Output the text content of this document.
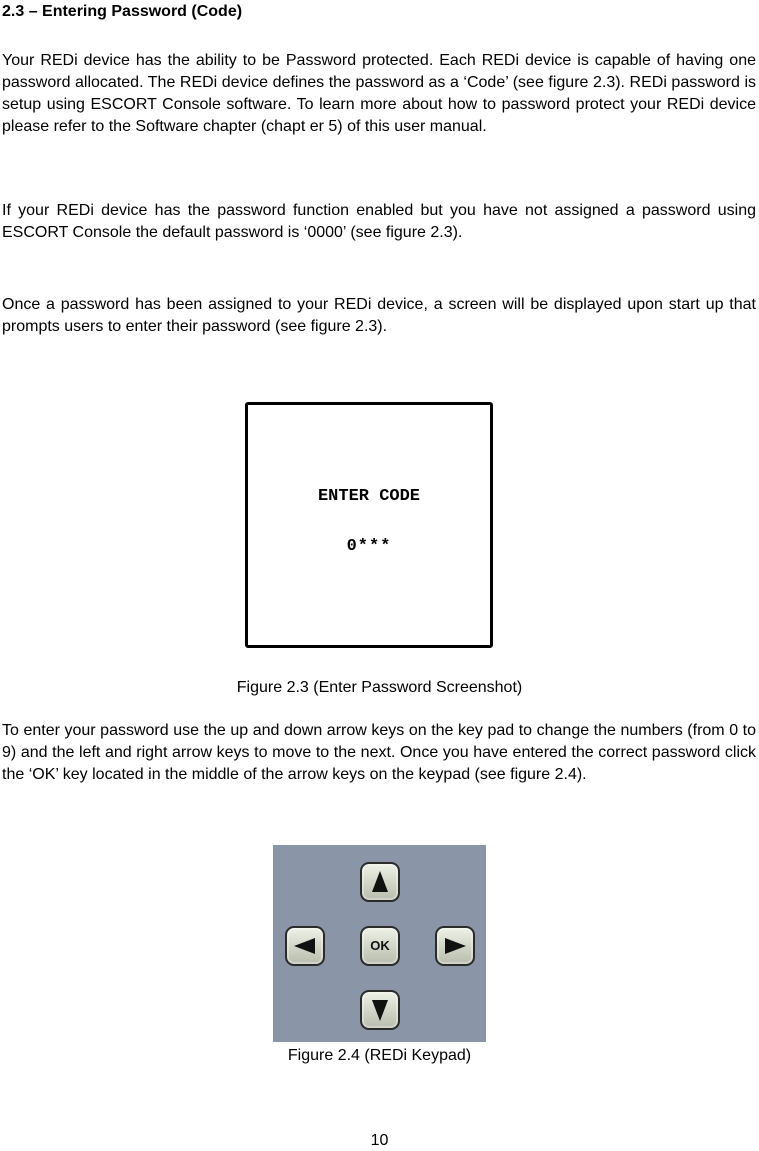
2.3 – Entering Password (Code)
Your REDi device has the ability to be Password protected. Each REDi device is capable of having one password allocated. The REDi device defines the password as a ‘Code’ (see figure 2.3). REDi password is setup using ESCORT Console software. To learn more about how to password protect your REDi device please refer to the Software chapter (chapt er 5) of this user manual.
If your REDi device has the password function enabled but you have not assigned a password using ESCORT Console the default password is ‘0000’ (see figure 2.3).
Once a password has been assigned to your REDi device, a screen will be displayed upon start up that prompts users to enter their password (see figure 2.3).
ENTER CODE
0***
Figure 2.3 (Enter Password Screenshot)
To enter your password use the up and down arrow keys on the key pad to change the numbers (from 0 to 9) and the left and right arrow keys to move to the next. Once you have entered the correct password click the ‘OK’ key located in the middle of the arrow keys on the keypad (see figure 2.4).
OK
Figure 2.4 (REDi Keypad)
10
